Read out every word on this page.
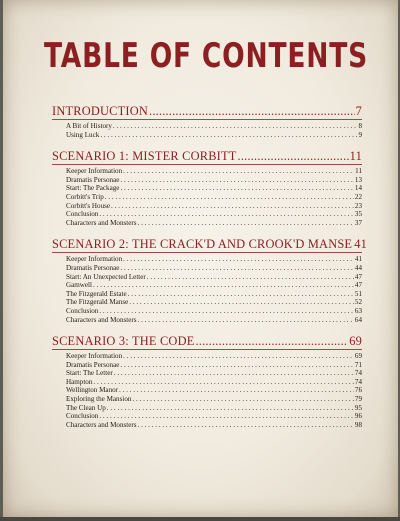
TABLE OF CONTENTS
INTRODUCTION .....	7
A Bit of History . . .	8
Using Luck . . .	9
SCENARIO 1: MISTER CORBITT .....	11
Keeper Information . . .	11
Dramatis Personae . . .	13
Start: The Package . . .	14
Corbitt's Trip . . .	22
Corbitt's House . . .	23
Conclusion . . .	35
Characters and Monsters . . .	37
SCENARIO 2: THE CRACK'D AND CROOK'D MANSE 41
Keeper Information . . .	41
Dramatis Personae . . .	44
Start: An Unexpected Letter . . .	47
Gamwell . . .	47
The Fitzgerald Estate . . .	51
The Fitzgerald Manse . . .	52
Conclusion . . .	63
Characters and Monsters . . .	64
SCENARIO 3: THE CODE .....	69
Keeper Information . . .	69
Dramatis Personae . . .	71
Start: The Letter . . .	74
Hampton . . .	74
Wellington Manor . . .	76
Exploring the Mansion . . .	79
The Clean Up . . .	95
Conclusion . . .	96
Characters and Monsters . . .	98
